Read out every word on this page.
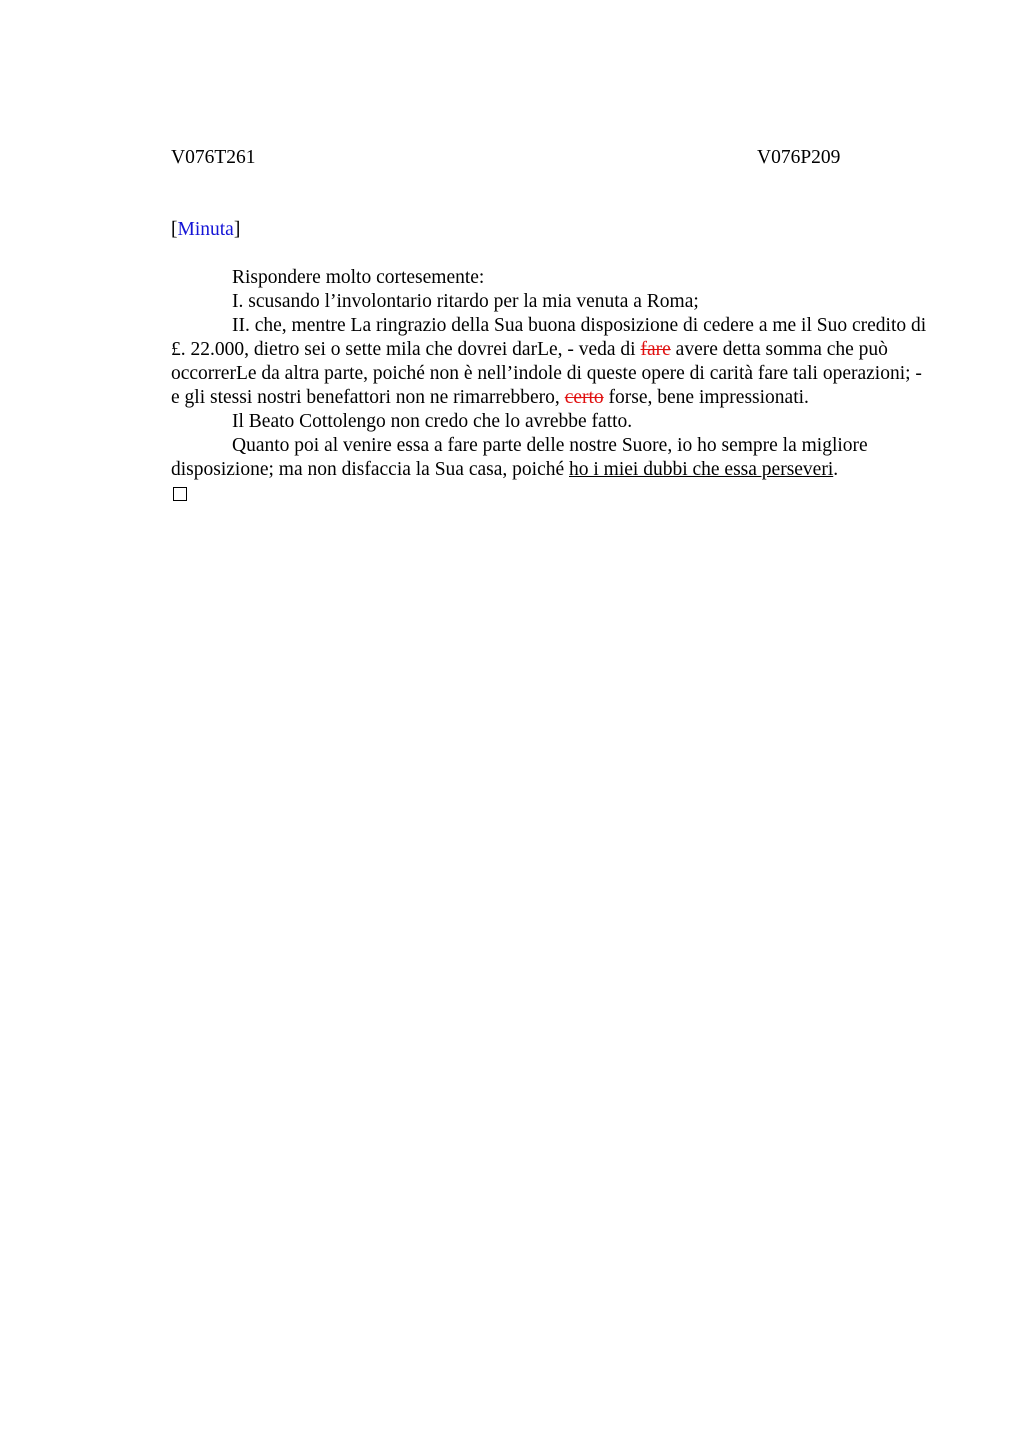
V076T261	V076P209
[Minuta]

Rispondere molto cortesemente:

I. scusando l’involontario ritardo per la mia venuta a Roma;

II. che, mentre La ringrazio della Sua buona disposizione di cedere a me il Suo credito di £. 22.000, dietro sei o sette mila che dovrei darLe, - veda di fare avere detta somma che può occorrerLe da altra parte, poiché non è nell’indole di queste opere di carità fare tali operazioni; - e gli stessi nostri benefattori non ne rimarrebbero, certo forse, bene impressionati.

Il Beato Cottolengo non credo che lo avrebbe fatto.

Quanto poi al venire essa a fare parte delle nostre Suore, io ho sempre la migliore disposizione; ma non disfaccia la Sua casa, poiché ho i miei dubbi che essa perseveri.
